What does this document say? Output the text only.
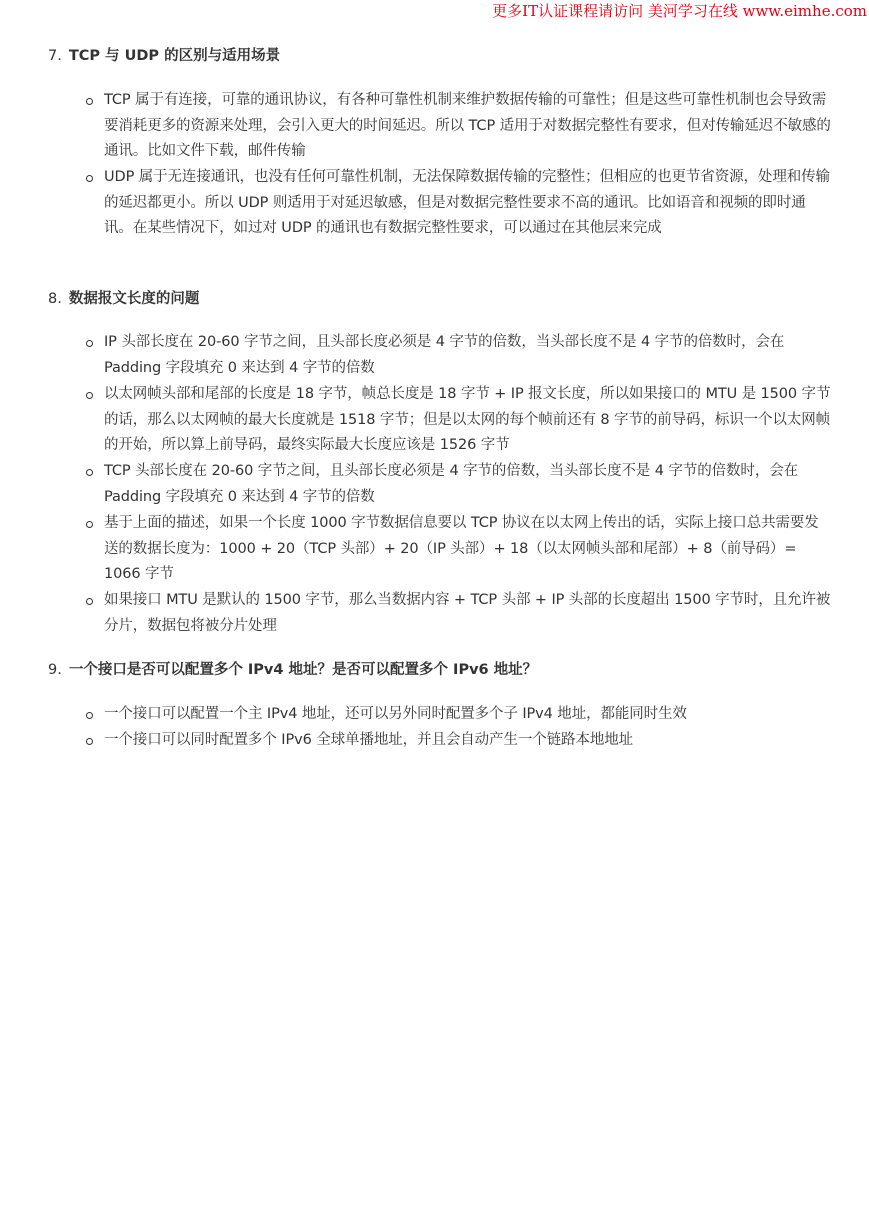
更多IT认证课程请访问 美河学习在线 www.eimhe.com
7. TCP 与 UDP 的区别与适用场景
TCP 属于有连接，可靠的通讯协议，有各种可靠性机制来维护数据传输的可靠性；但是这些可靠性机制也会导致需要消耗更多的资源来处理，会引入更大的时间延迟。所以 TCP 适用于对数据完整性有要求，但对传输延迟不敏感的通讯。比如文件下载，邮件传输
UDP 属于无连接通讯，也没有任何可靠性机制，无法保障数据传输的完整性；但相应的也更节省资源，处理和传输的延迟都更小。所以 UDP 则适用于对延迟敏感，但是对数据完整性要求不高的通讯。比如语音和视频的即时通讯。在某些情况下，如过对 UDP 的通讯也有数据完整性要求，可以通过在其他层来完成
8. 数据报文长度的问题
IP 头部长度在 20-60 字节之间，且头部长度必须是 4 字节的倍数，当头部长度不是 4 字节的倍数时，会在 Padding 字段填充 0 来达到 4 字节的倍数
以太网帧头部和尾部的长度是 18 字节，帧总长度是 18 字节 + IP 报文长度，所以如果接口的 MTU 是 1500 字节的话，那么以太网帧的最大长度就是 1518 字节；但是以太网的每个帧前还有 8 字节的前导码，标识一个以太网帧的开始，所以算上前导码，最终实际最大长度应该是 1526 字节
TCP 头部长度在 20-60 字节之间，且头部长度必须是 4 字节的倍数，当头部长度不是 4 字节的倍数时，会在 Padding 字段填充 0 来达到 4 字节的倍数
基于上面的描述，如果一个长度 1000 字节数据信息要以 TCP 协议在以太网上传出的话，实际上接口总共需要发送的数据长度为：1000 + 20（TCP 头部）+ 20（IP 头部）+ 18（以太网帧头部和尾部）+ 8（前导码）= 1066 字节
如果接口 MTU 是默认的 1500 字节，那么当数据内容 + TCP 头部 + IP 头部的长度超出 1500 字节时，且允许被分片，数据包将被分片处理
9. 一个接口是否可以配置多个 IPv4 地址？是否可以配置多个 IPv6 地址？
一个接口可以配置一个主 IPv4 地址，还可以另外同时配置多个子 IPv4 地址，都能同时生效
一个接口可以同时配置多个 IPv6 全球单播地址，并且会自动产生一个链路本地地址
